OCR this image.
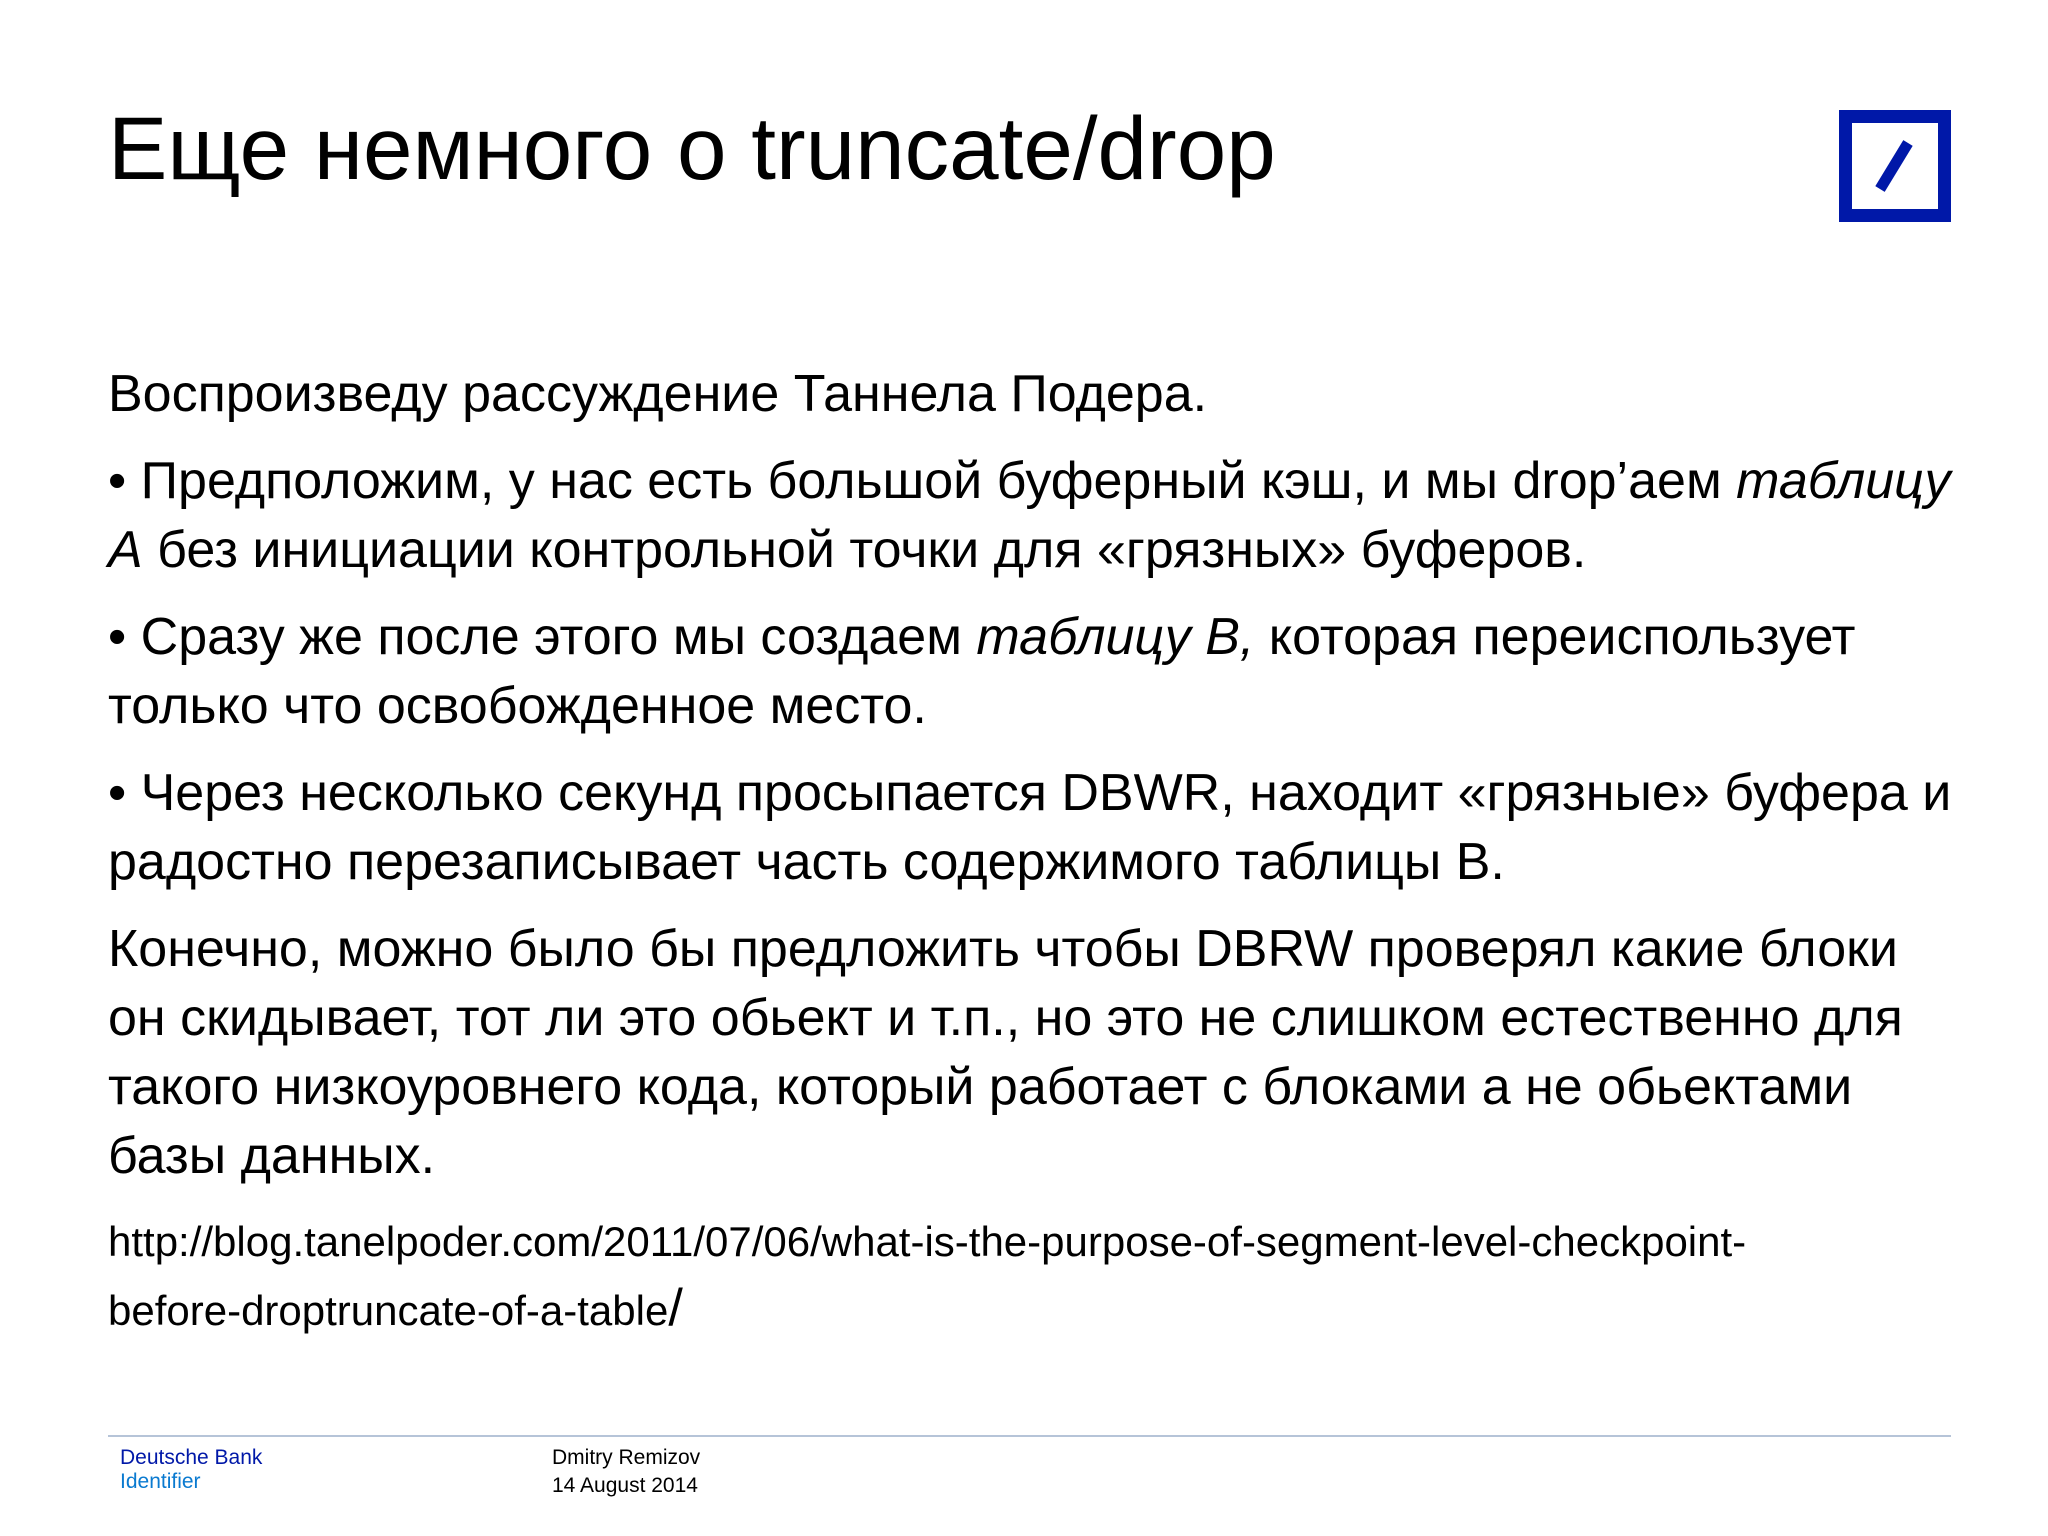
Еще немного о truncate/drop

Воспроизведу рассуждение Таннела Подера.

• Предположим, у нас есть большой буферный кэш, и мы drop’аем таблицу А без инициации контрольной точки для «грязных» буферов.

• Сразу же после этого мы создаем таблицу В, которая переиспользует только что освобожденное место.

• Через несколько секунд просыпается DBWR, находит «грязные» буфера и радостно перезаписывает часть содержимого таблицы В.

Конечно, можно было бы предложить чтобы DBRW проверял какие блоки он скидывает, тот ли это обьект и т.п., но это не слишком естественно для такого низкоуровнего кода, который работает с блоками а не обьектами базы данных.

http://blog.tanelpoder.com/2011/07/06/what-is-the-purpose-of-segment-level-checkpoint-
before-droptruncate-of-a-table/

Deutsche Bank
Identifier
Dmitry Remizov
14 August 2014
